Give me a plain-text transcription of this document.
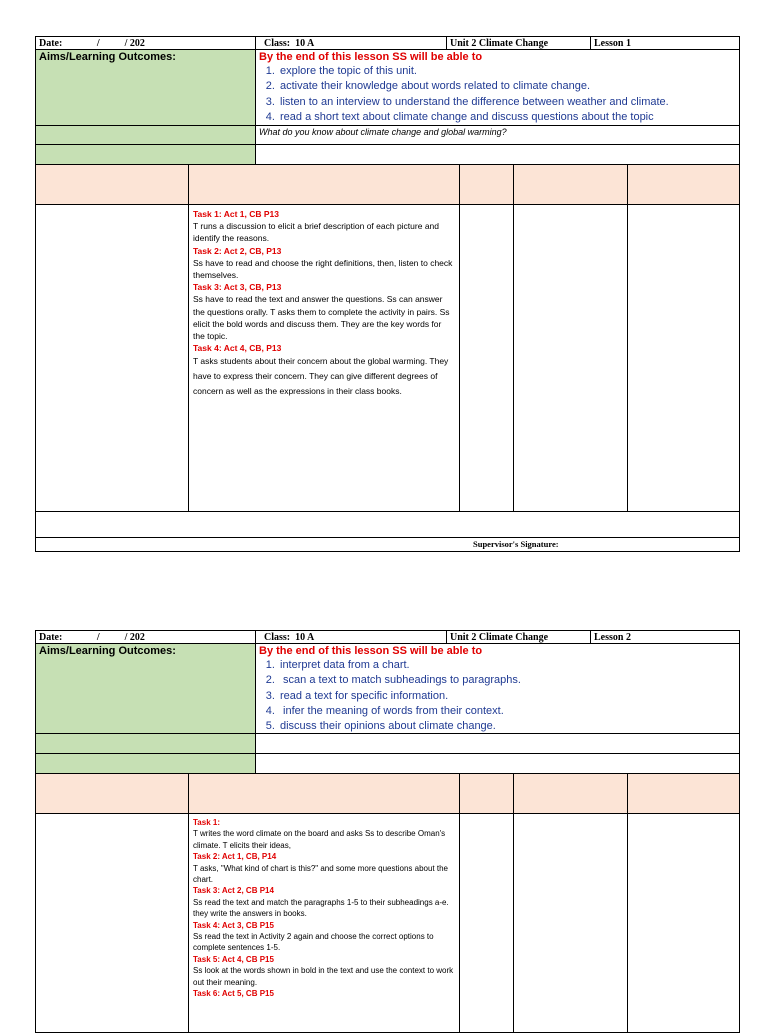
Date:	/          / 202	Class:  10 A	Unit 2 Climate Change	Lesson 1
Aims/Learning Outcomes:	By the end of this lesson SS will be able to
1. explore the topic of this unit.
2. activate their knowledge about words related to climate change.
3. listen to an interview to understand the difference between weather and climate.
4. read a short text about climate change and discuss questions about the topic
What do you know about climate change and global warming?
Task 1: Act 1, CB P13
T runs a discussion to elicit a brief description of each picture and identify the reasons.
Task 2: Act 2, CB, P13
Ss have to read and choose the right definitions, then, listen to check themselves.
Task 3: Act 3, CB, P13
Ss have to read the text and answer the questions. Ss can answer the questions orally. T asks them to complete the activity in pairs. Ss elicit the bold words and discuss them. They are the key words for the topic.
Task 4: Act 4, CB, P13
T asks students about their concern about the global warming. They have to express their concern. They can give different degrees of concern as well as the expressions in their class books.
Supervisor's Signature:
Date:	/          / 202	Class:  10 A	Unit 2 Climate Change	Lesson 2
Aims/Learning Outcomes:	By the end of this lesson SS will be able to
1. interpret data from a chart.
2.  scan a text to match subheadings to paragraphs.
3. read a text for specific information.
4.  infer the meaning of words from their context.
5. discuss their opinions about climate change.
Task 1:
T writes the word climate on the board and asks Ss to describe Oman's climate. T elicits their ideas,
Task 2: Act 1, CB, P14
T asks, "What kind of chart is this?" and some more questions about the chart.
Task 3: Act 2, CB P14
Ss read the text and match the paragraphs 1-5 to their subheadings a-e. they write the answers in books.
Task 4: Act 3, CB P15
Ss read the text in Activity 2 again and choose the correct options to complete sentences 1-5.
Task 5: Act 4, CB P15
Ss look at the words shown in bold in the text and use the context to work out their meaning.
Task 6: Act 5, CB P15
